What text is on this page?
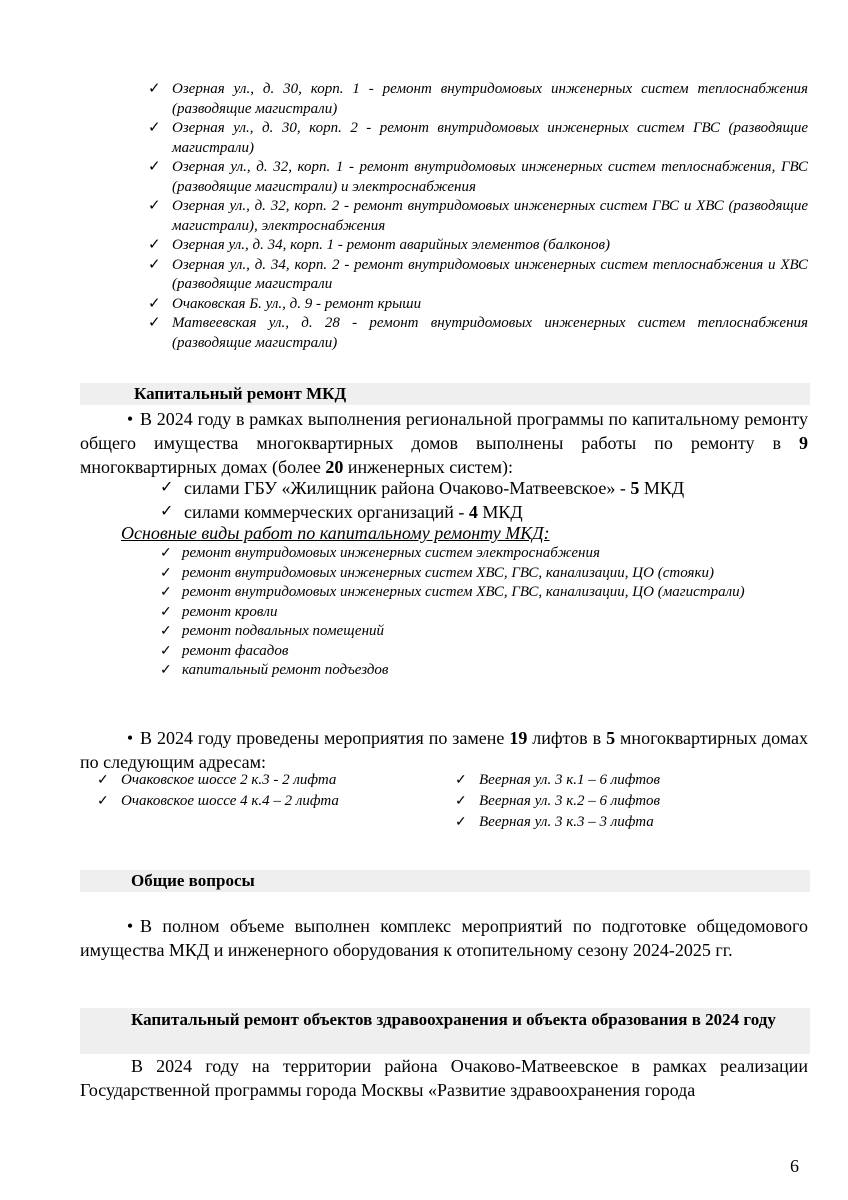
✓ Озерная ул., д. 30, корп. 1 - ремонт внутридомовых инженерных систем теплоснабжения (разводящие магистрали)
✓ Озерная ул., д. 30, корп. 2 - ремонт внутридомовых инженерных систем ГВС (разводящие магистрали)
✓ Озерная ул., д. 32, корп. 1 - ремонт внутридомовых инженерных систем теплоснабжения, ГВС (разводящие магистрали) и электроснабжения
✓ Озерная ул., д. 32, корп. 2 - ремонт внутридомовых инженерных систем ГВС и ХВС (разводящие магистрали), электроснабжения
✓ Озерная ул., д. 34, корп. 1 - ремонт аварийных элементов (балконов)
✓ Озерная ул., д. 34, корп. 2 - ремонт внутридомовых инженерных систем теплоснабжения и ХВС (разводящие магистрали
✓ Очаковская Б. ул., д. 9 - ремонт крыши
✓ Матвеевская ул., д. 28 - ремонт внутридомовых инженерных систем теплоснабжения (разводящие магистрали)
Капитальный ремонт МКД
• В 2024 году в рамках выполнения региональной программы по капитальному ремонту общего имущества многоквартирных домов выполнены работы по ремонту в 9 многоквартирных домах (более 20 инженерных систем):
✓ силами ГБУ «Жилищник района Очаково-Матвеевское» - 5 МКД
✓ силами коммерческих организаций - 4 МКД
Основные виды работ по капитальному ремонту МКД:
✓ ремонт внутридомовых инженерных систем электроснабжения
✓ ремонт внутридомовых инженерных систем ХВС, ГВС, канализации, ЦО (стояки)
✓ ремонт внутридомовых инженерных систем ХВС, ГВС, канализации, ЦО (магистрали)
✓ ремонт кровли
✓ ремонт подвальных помещений
✓ ремонт фасадов
✓ капитальный ремонт подъездов
• В 2024 году проведены мероприятия по замене 19 лифтов в 5 многоквартирных домах по следующим адресам:
✓ Очаковское шоссе 2 к.3 - 2 лифта
✓ Очаковское шоссе 4 к.4 – 2 лифта
✓ Веерная ул. 3 к.1 – 6 лифтов
✓ Веерная ул. 3 к.2 – 6 лифтов
✓ Веерная ул. 3 к.3 – 3 лифта
Общие вопросы
• В полном объеме выполнен комплекс мероприятий по подготовке общедомового имущества МКД и инженерного оборудования к отопительному сезону 2024-2025 гг.
Капитальный ремонт объектов здравоохранения и объекта образования в 2024 году
В 2024 году на территории района Очаково-Матвеевское в рамках реализации Государственной программы города Москвы «Развитие здравоохранения города
6
